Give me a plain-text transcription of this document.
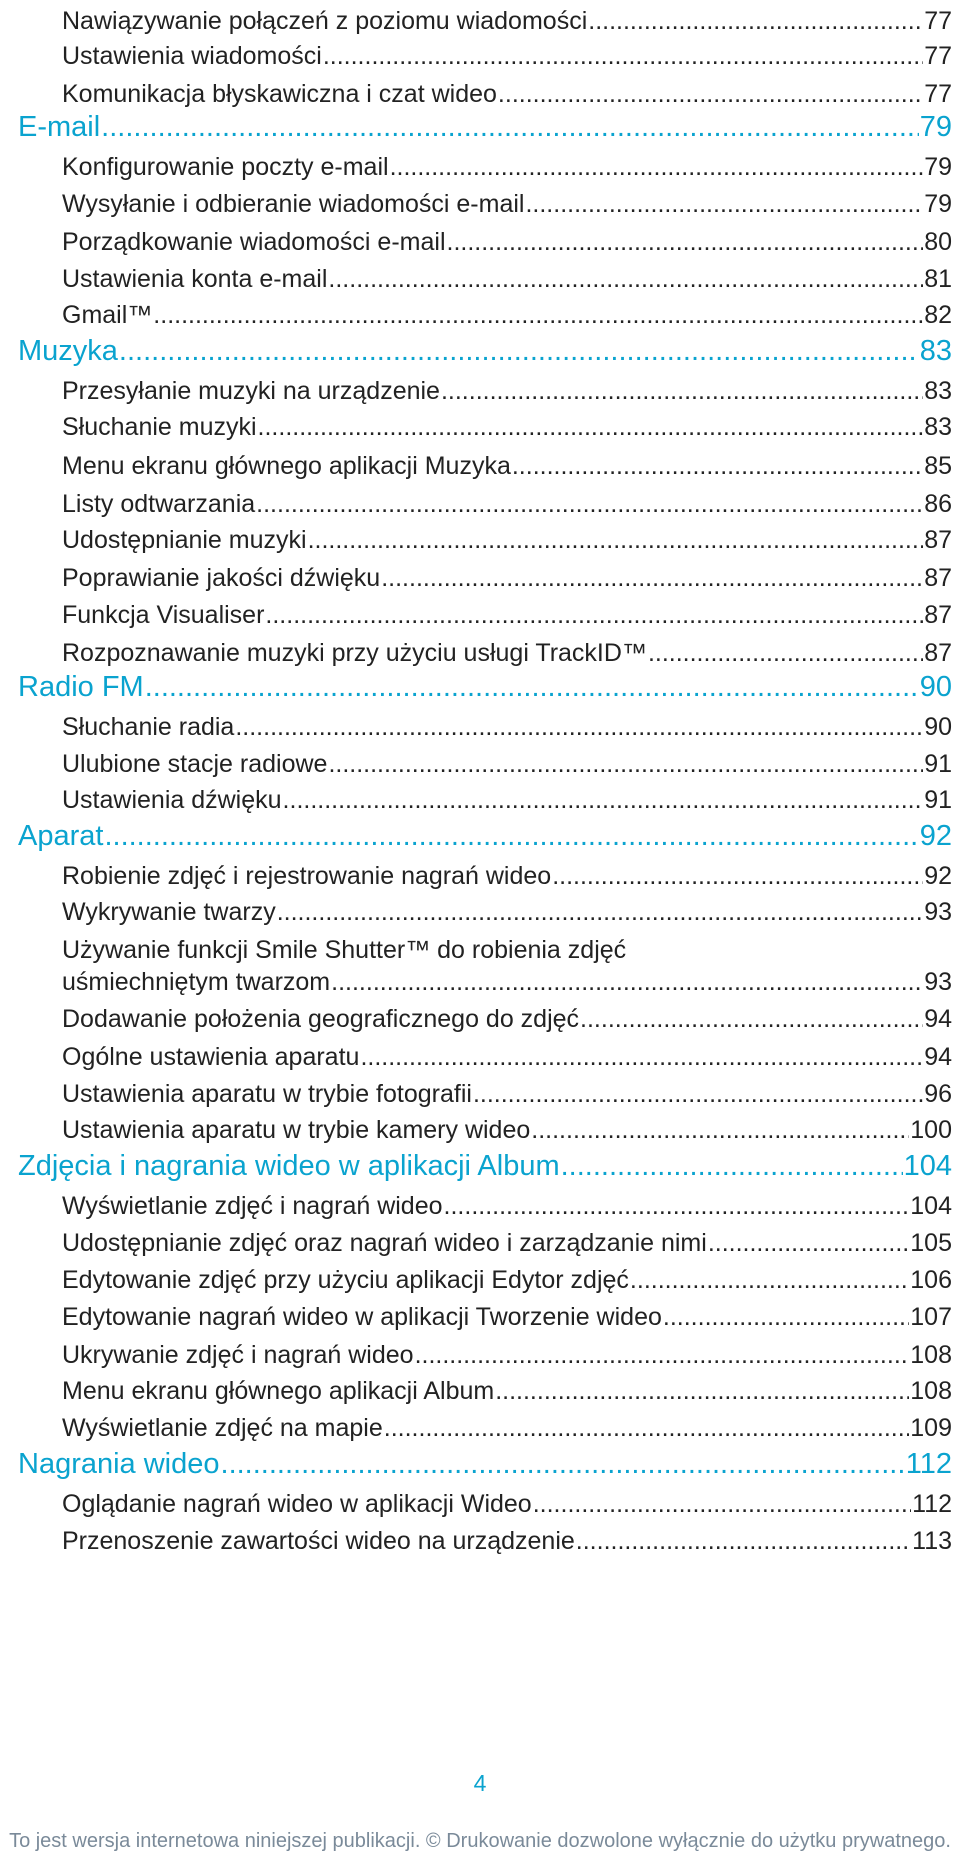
Nawiązywanie połączeń z poziomu wiadomości .....	77
Ustawienia wiadomości .....	77
Komunikacja błyskawiczna i czat wideo .....	77
E-mail .....	79
Konfigurowanie poczty e-mail .....	79
Wysyłanie i odbieranie wiadomości e-mail .....	79
Porządkowanie wiadomości e-mail .....	80
Ustawienia konta e-mail .....	81
Gmail™ .....	82
Muzyka .....	83
Przesyłanie muzyki na urządzenie .....	83
Słuchanie muzyki .....	83
Menu ekranu głównego aplikacji Muzyka .....	85
Listy odtwarzania .....	86
Udostępnianie muzyki .....	87
Poprawianie jakości dźwięku .....	87
Funkcja Visualiser .....	87
Rozpoznawanie muzyki przy użyciu usługi TrackID™ .....	87
Radio FM .....	90
Słuchanie radia .....	90
Ulubione stacje radiowe .....	91
Ustawienia dźwięku .....	91
Aparat .....	92
Robienie zdjęć i rejestrowanie nagrań wideo .....	92
Wykrywanie twarzy .....	93
Używanie funkcji Smile Shutter™ do robienia zdjęć
uśmiechniętym twarzom .....	93
Dodawanie położenia geograficznego do zdjęć .....	94
Ogólne ustawienia aparatu .....	94
Ustawienia aparatu w trybie fotografii .....	96
Ustawienia aparatu w trybie kamery wideo .....	100
Zdjęcia i nagrania wideo w aplikacji Album .....	104
Wyświetlanie zdjęć i nagrań wideo .....	104
Udostępnianie zdjęć oraz nagrań wideo i zarządzanie nimi .....	105
Edytowanie zdjęć przy użyciu aplikacji Edytor zdjęć .....	106
Edytowanie nagrań wideo w aplikacji Tworzenie wideo .....	107
Ukrywanie zdjęć i nagrań wideo .....	108
Menu ekranu głównego aplikacji Album .....	108
Wyświetlanie zdjęć na mapie .....	109
Nagrania wideo .....	112
Oglądanie nagrań wideo w aplikacji Wideo .....	112
Przenoszenie zawartości wideo na urządzenie .....	113
4
To jest wersja internetowa niniejszej publikacji. © Drukowanie dozwolone wyłącznie do użytku prywatnego.
